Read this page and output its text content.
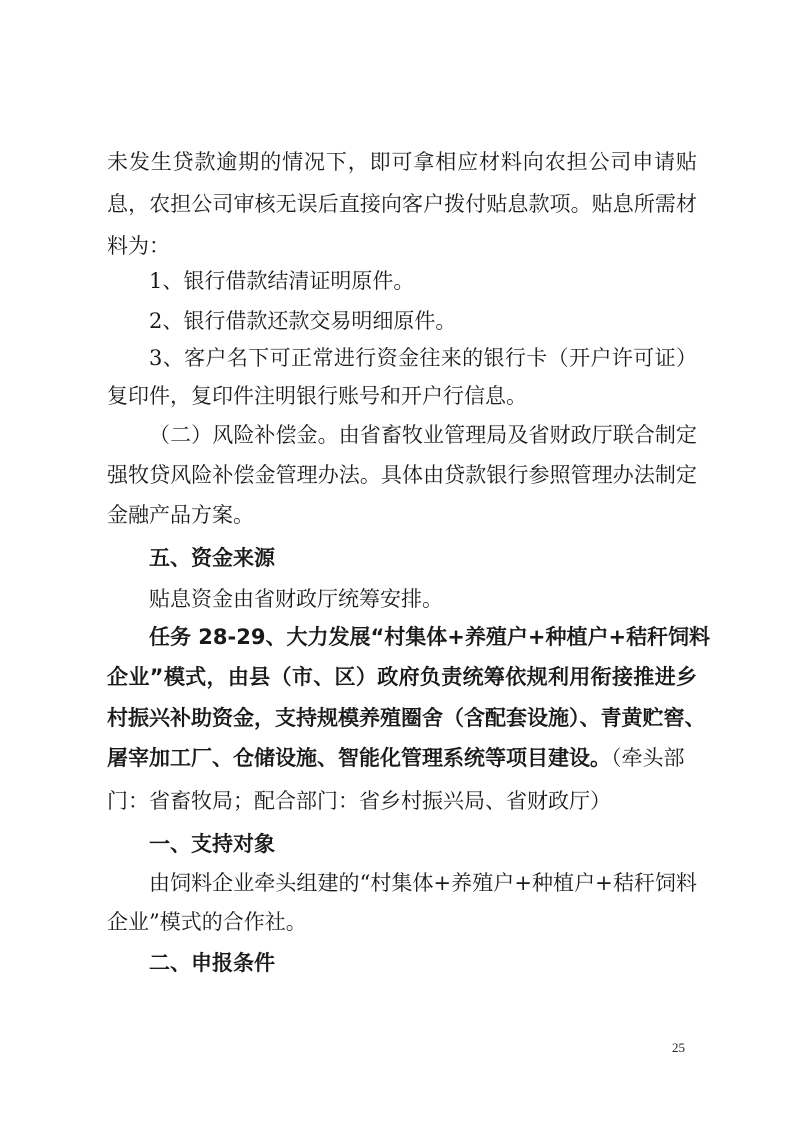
未发生贷款逾期的情况下，即可拿相应材料向农担公司申请贴
息，农担公司审核无误后直接向客户拨付贴息款项。贴息所需材
料为：
1、银行借款结清证明原件。
2、银行借款还款交易明细原件。
3、客户名下可正常进行资金往来的银行卡（开户许可证）
复印件，复印件注明银行账号和开户行信息。
（二）风险补偿金。由省畜牧业管理局及省财政厅联合制定
强牧贷风险补偿金管理办法。具体由贷款银行参照管理办法制定
金融产品方案。
五、资金来源
贴息资金由省财政厅统筹安排。
任务 28-29、大力发展“村集体+养殖户+种植户+秸秆饲料
企业”模式，由县（市、区）政府负责统筹依规利用衔接推进乡
村振兴补助资金，支持规模养殖圈舍（含配套设施）、青黄贮窖、
屠宰加工厂、仓储设施、智能化管理系统等项目建设。（牵头部
门：省畜牧局；配合部门：省乡村振兴局、省财政厅）
一、支持对象
由饲料企业牵头组建的“村集体+养殖户+种植户+秸秆饲料
企业”模式的合作社。
二、申报条件
25
